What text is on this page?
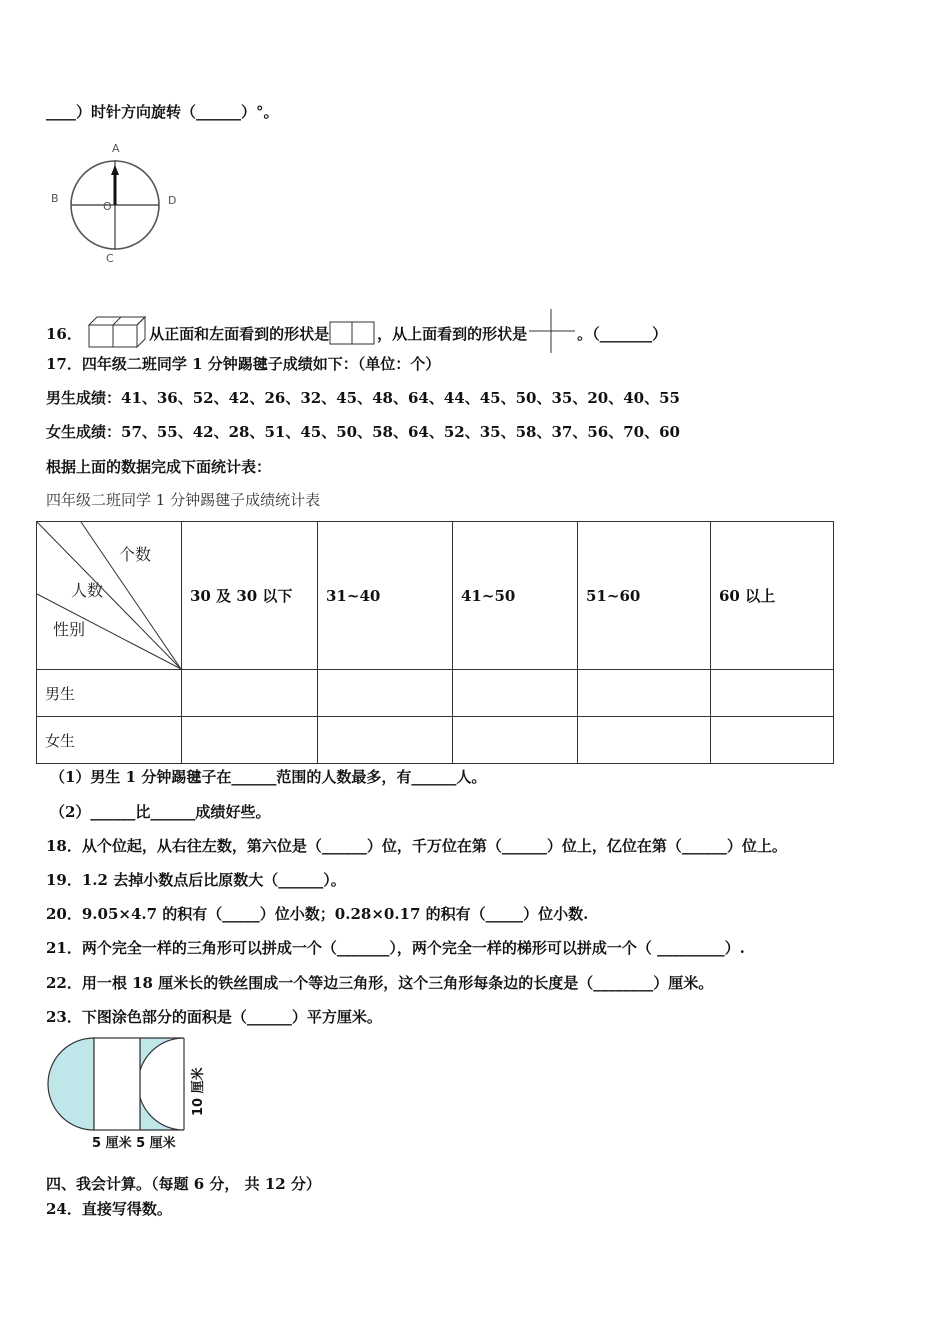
____）时针方向旋转（______）°。
A
B	D
O
C
16．	从正面和左面看到的形状是	，从上面看到的形状是	。（_______）
17．四年级二班同学 1 分钟踢毽子成绩如下：（单位：个）
男生成绩：41、36、52、42、26、32、45、48、64、44、45、50、35、20、40、55
女生成绩：57、55、42、28、51、45、50、58、64、52、35、58、37、56、70、60
根据上面的数据完成下面统计表：
四年级二班同学 1 分钟踢毽子成绩统计表
个数
人数
性别	30 及 30 以下	31~40	41~50	51~60	60 以上
男生					
女生					
（1）男生 1 分钟踢毽子在______范围的人数最多，有______人。
（2）______比______成绩好些。
18．从个位起，从右往左数，第六位是（______）位，千万位在第（______）位上，亿位在第（______）位上。
19．1.2 去掉小数点后比原数大（______）。
20．9.05×4.7 的积有（_____）位小数；0.28×0.17 的积有（_____）位小数.
21．两个完全一样的三角形可以拼成一个（_______），两个完全一样的梯形可以拼成一个（ _________）.
22．用一根 18 厘米长的铁丝围成一个等边三角形，这个三角形每条边的长度是（________）厘米。
23．下图涂色部分的面积是（______）平方厘米。
5 厘米 5 厘米
10 厘米
四、我会计算。（每题 6 分， 共 12 分）
24．直接写得数。
